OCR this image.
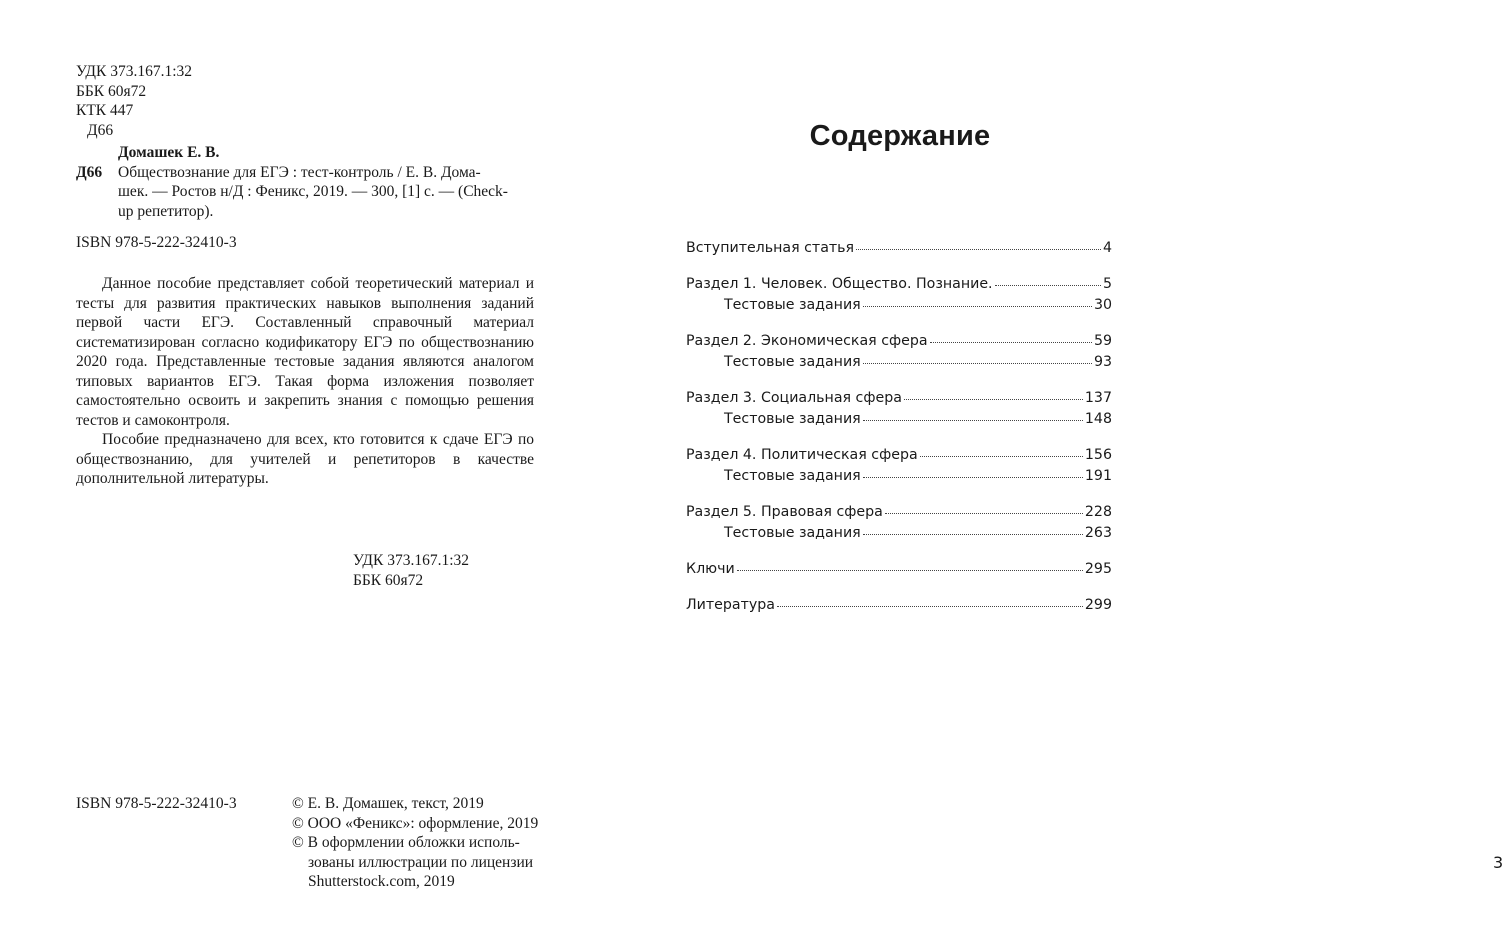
УДК 373.167.1:32
ББК 60я72
КТК 447
Д66
Домашек Е. В.
Д66	Обществознание для ЕГЭ : тест-контроль / Е. В. Дома-
шек. — Ростов н/Д : Феникс, 2019. — 300, [1] с. — (Check-
up репетитор).
ISBN 978-5-222-32410-3

Данное пособие представляет собой теоретический материал и тесты для развития практических навыков выполнения заданий первой части ЕГЭ. Составленный справочный материал систематизирован согласно кодификатору ЕГЭ по обществознанию 2020 года. Представленные тестовые задания являются аналогом типовых вариантов ЕГЭ. Такая форма изложения позволяет самостоятельно освоить и закрепить знания с помощью решения тестов и самоконтроля.

Пособие предназначено для всех, кто готовится к сдаче ЕГЭ по обществознанию, для учителей и репетиторов в качестве дополнительной литературы.

УДК 373.167.1:32
ББК 60я72
ISBN 978-5-222-32410-3	© Е. В. Домашек, текст, 2019
© ООО «Феникс»: оформление, 2019
© В оформлении обложки исполь-
зованы иллюстрации по лицензии
Shutterstock.com, 2019
Содержание
Вступительная статья	4
Раздел 1. Человек. Общество. Познание.	5
Тестовые задания	30
Раздел 2. Экономическая сфера	59
Тестовые задания	93
Раздел 3. Социальная сфера	137
Тестовые задания	148
Раздел 4. Политическая сфера	156
Тестовые задания	191
Раздел 5. Правовая сфера	228
Тестовые задания	263
Ключи	295
Литература	299
3
